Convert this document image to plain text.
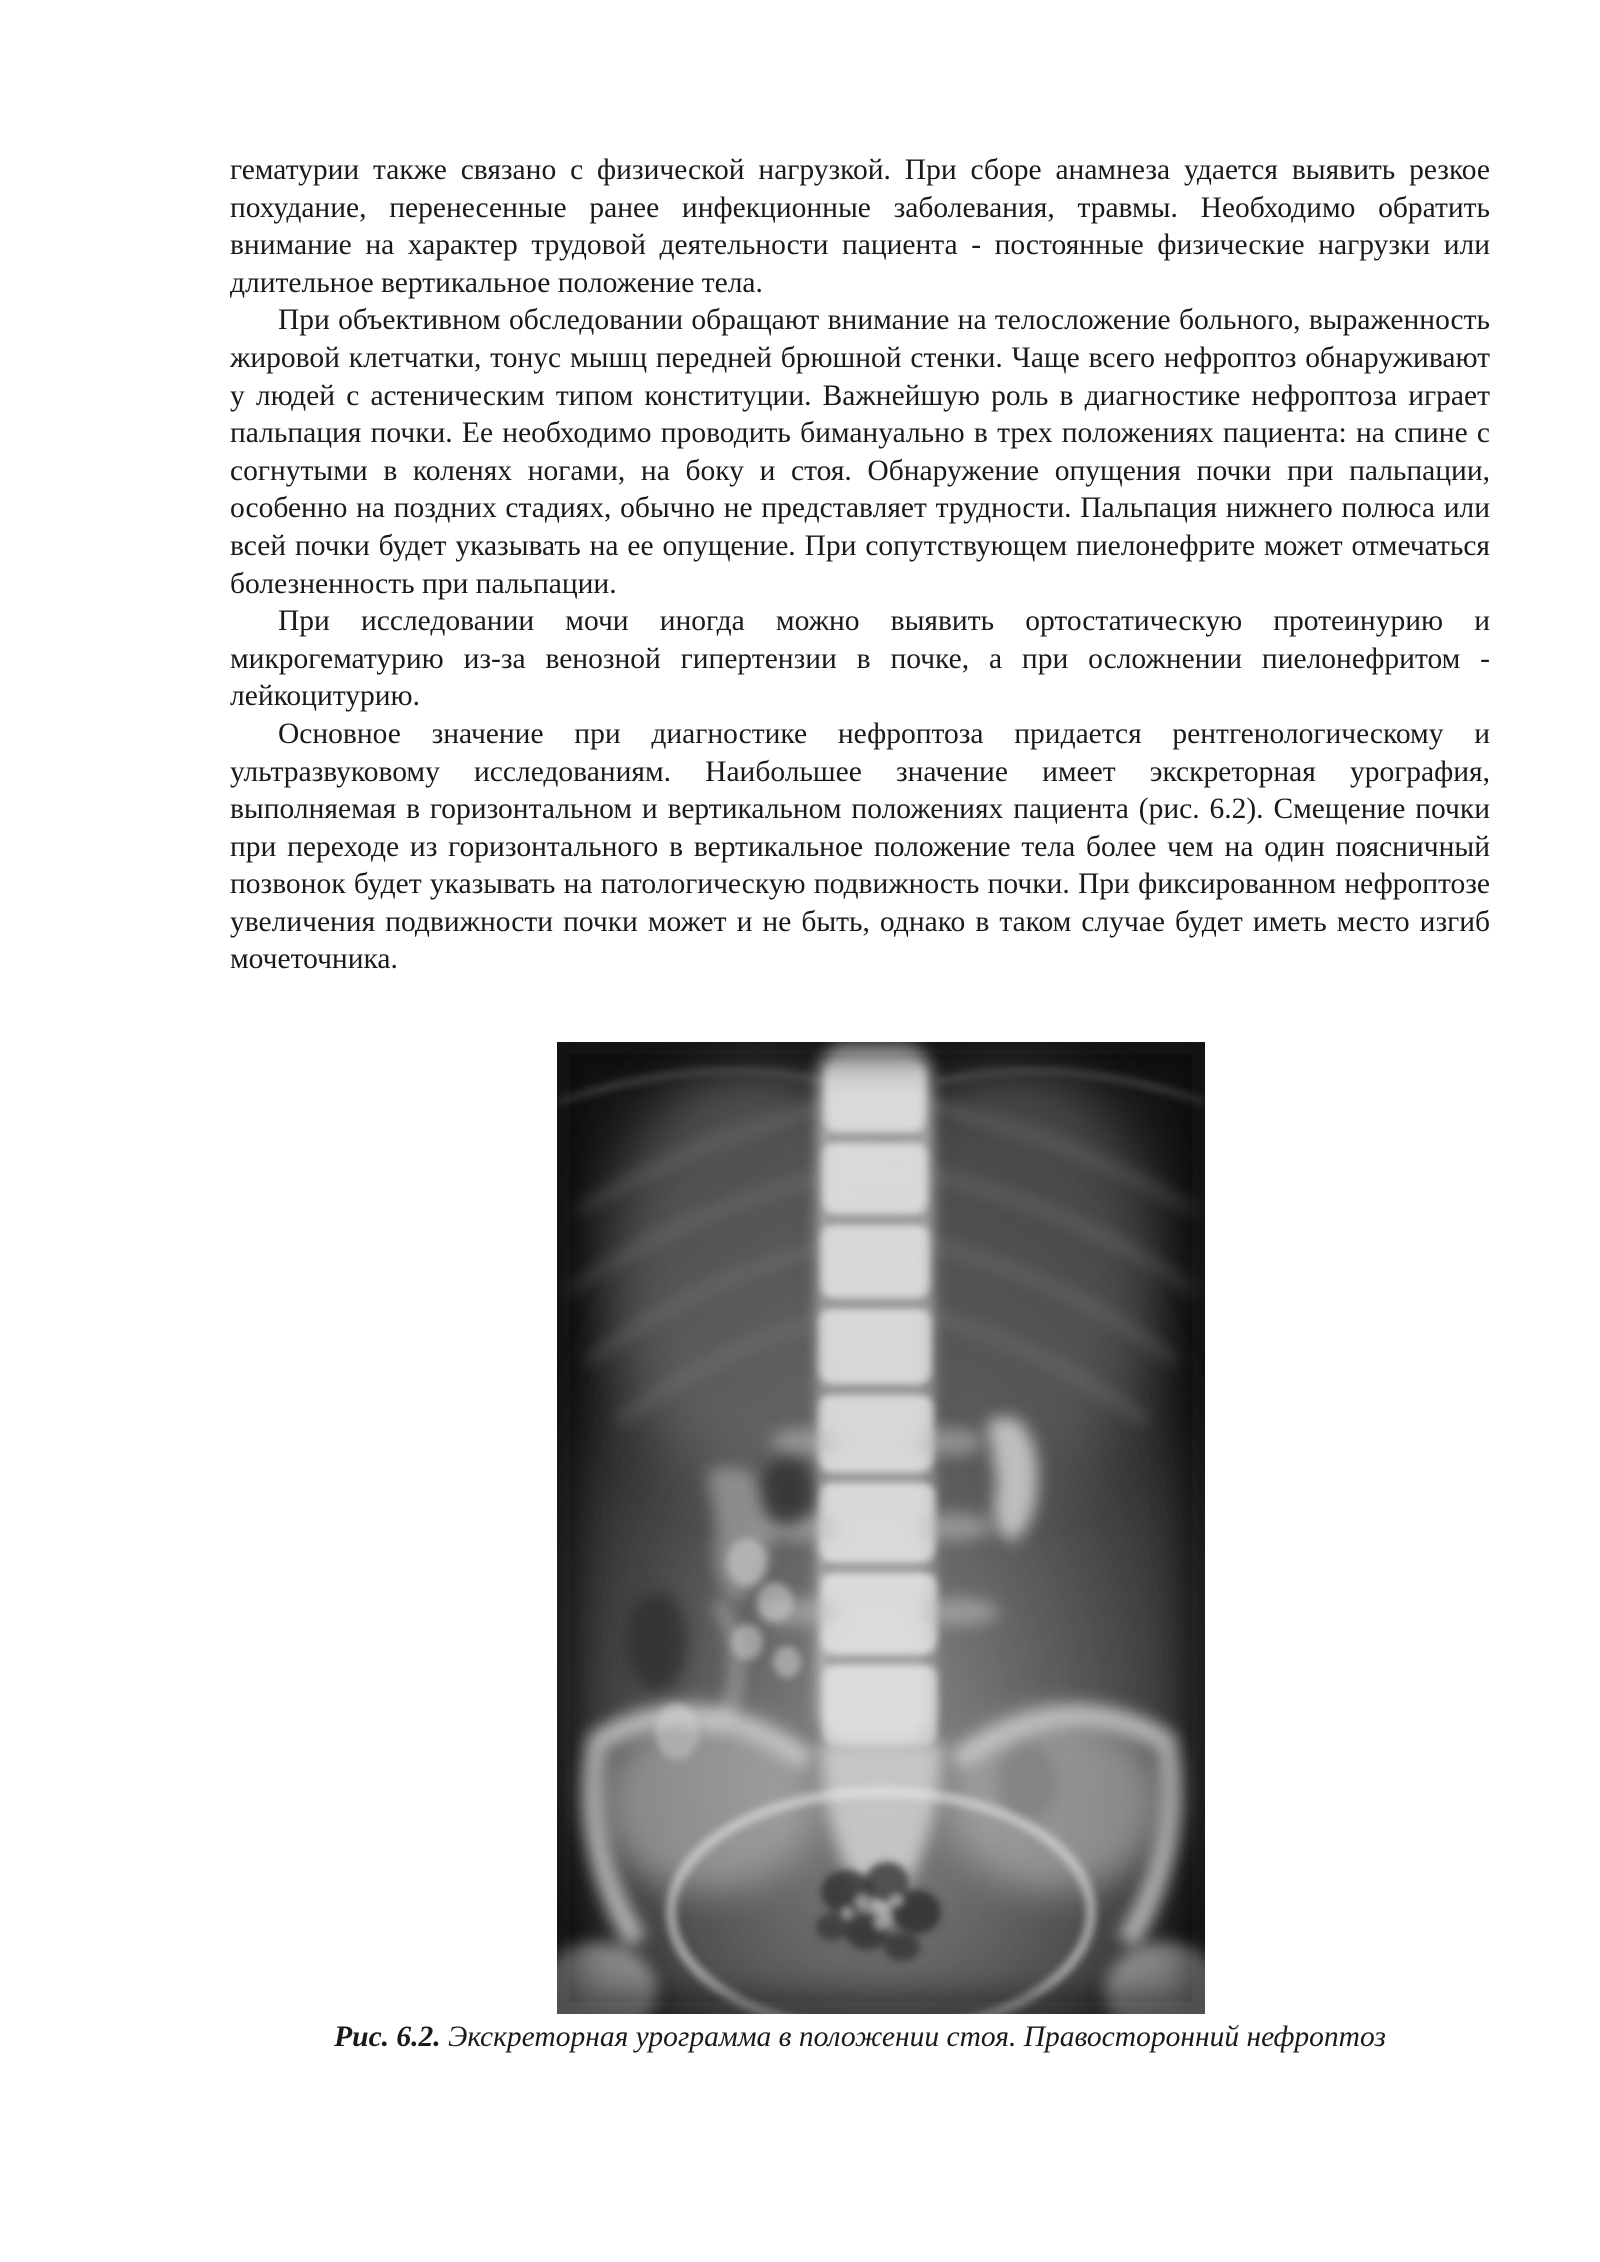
гематурии также связано с физической нагрузкой. При сборе анамнеза удается выявить резкое похудание, перенесенные ранее инфекционные заболевания, травмы. Необходимо обратить внимание на характер трудовой деятельности пациента - постоянные физические нагрузки или длительное вертикальное положение тела.

При объективном обследовании обращают внимание на телосложение больного, выраженность жировой клетчатки, тонус мышц передней брюшной стенки. Чаще всего нефроптоз обнаруживают у людей с астеническим типом конституции. Важнейшую роль в диагностике нефроптоза играет пальпация почки. Ее необходимо проводить бимануально в трех положениях пациента: на спине с согнутыми в коленях ногами, на боку и стоя. Обнаружение опущения почки при пальпации, особенно на поздних стадиях, обычно не представляет трудности. Пальпация нижнего полюса или всей почки будет указывать на ее опущение. При сопутствующем пиелонефрите может отмечаться болезненность при пальпации.

При исследовании мочи иногда можно выявить ортостатическую протеинурию и микрогематурию из-за венозной гипертензии в почке, а при осложнении пиелонефритом - лейкоцитурию.

Основное значение при диагностике нефроптоза придается рентгенологическому и ультразвуковому исследованиям. Наибольшее значение имеет экскреторная урография, выполняемая в горизонтальном и вертикальном положениях пациента (рис. 6.2). Смещение почки при переходе из горизонтального в вертикальное положение тела более чем на один поясничный позвонок будет указывать на патологическую подвижность почки. При фиксированном нефроптозе увеличения подвижности почки может и не быть, однако в таком случае будет иметь место изгиб мочеточника.

Рис. 6.2. Экскреторная урограмма в положении стоя. Правосторонний нефроптоз
